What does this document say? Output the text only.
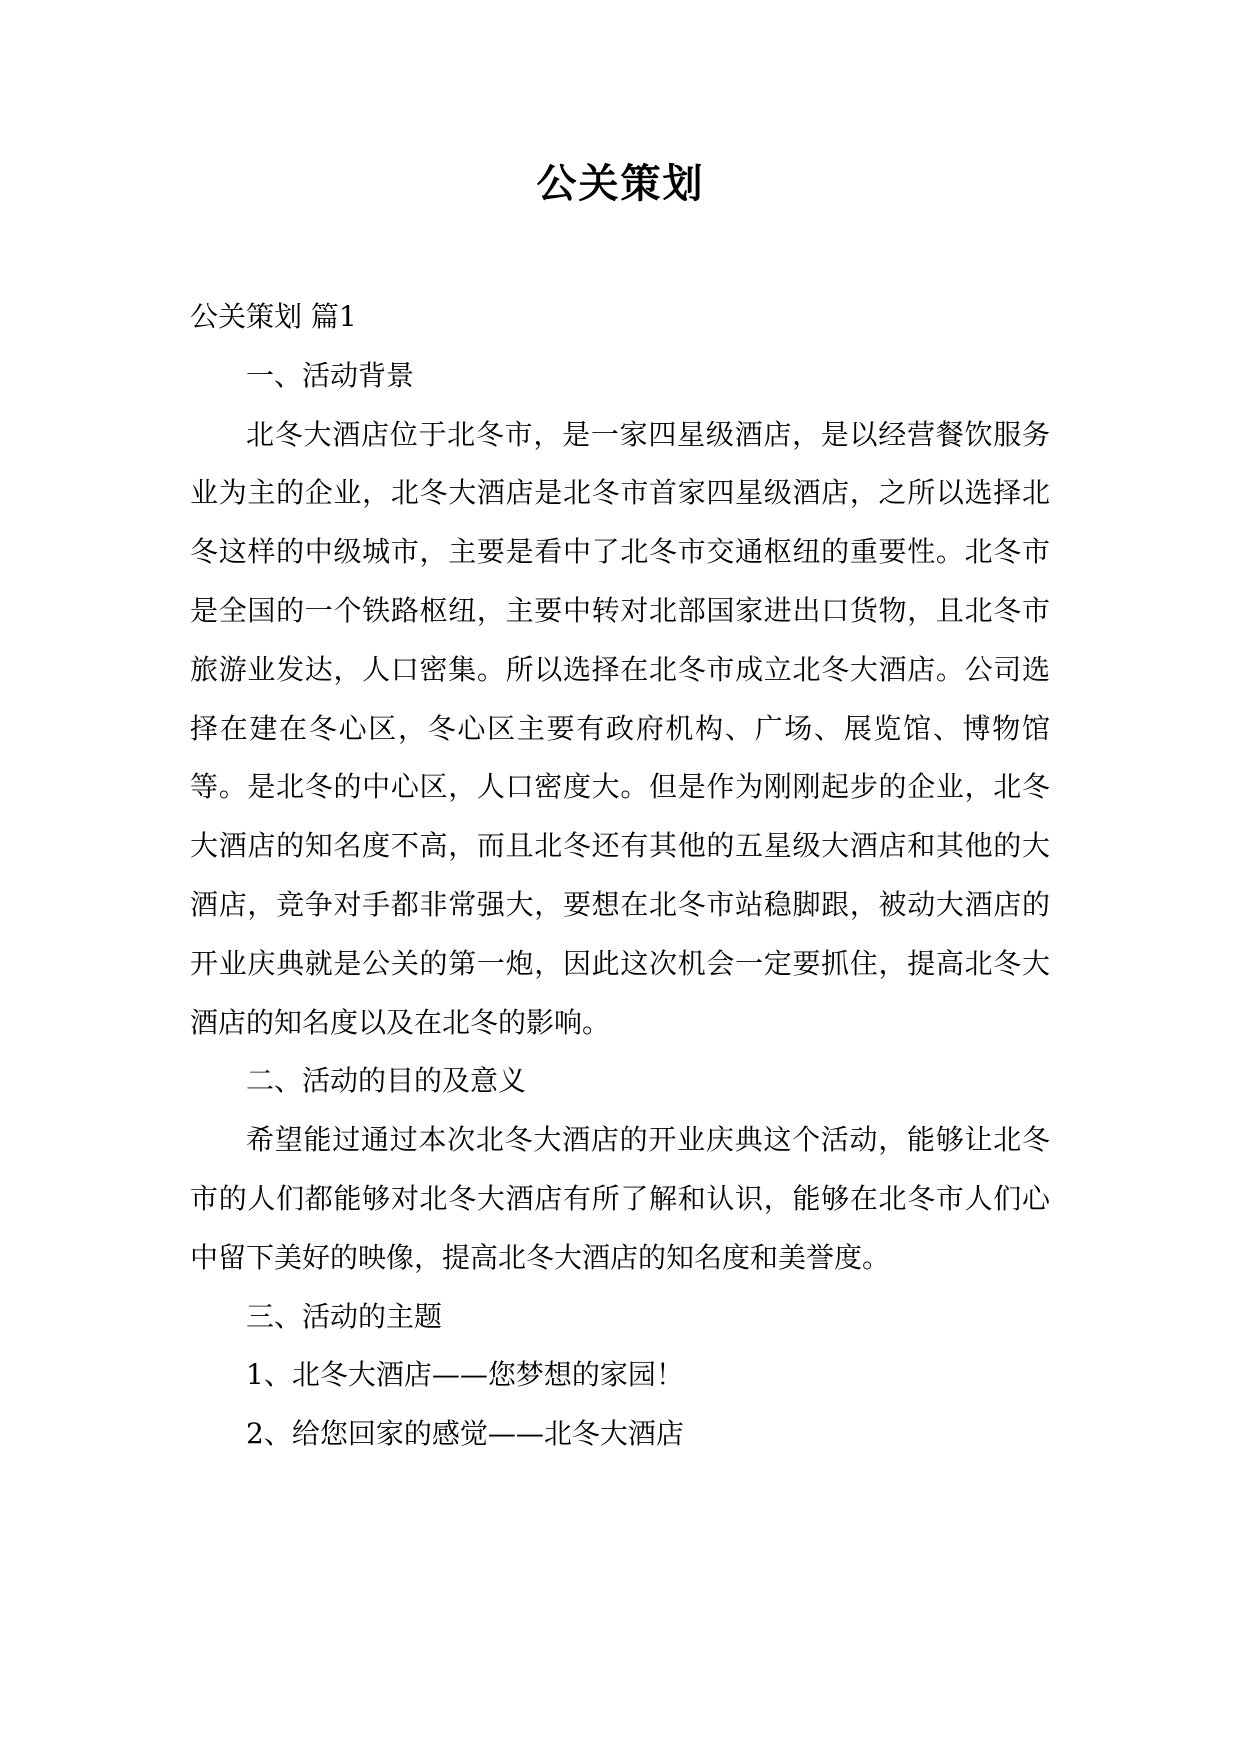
公关策划

公关策划 篇1

一、活动背景

北冬大酒店位于北冬市，是一家四星级酒店，是以经营餐饮服务业为主的企业，北冬大酒店是北冬市首家四星级酒店，之所以选择北冬这样的中级城市，主要是看中了北冬市交通枢纽的重要性。北冬市是全国的一个铁路枢纽，主要中转对北部国家进出口货物，且北冬市旅游业发达，人口密集。所以选择在北冬市成立北冬大酒店。公司选择在建在冬心区，冬心区主要有政府机构、广场、展览馆、博物馆等。是北冬的中心区，人口密度大。但是作为刚刚起步的企业，北冬大酒店的知名度不高，而且北冬还有其他的五星级大酒店和其他的大酒店，竞争对手都非常强大，要想在北冬市站稳脚跟，被动大酒店的开业庆典就是公关的第一炮，因此这次机会一定要抓住，提高北冬大酒店的知名度以及在北冬的影响。

二、活动的目的及意义

希望能过通过本次北冬大酒店的开业庆典这个活动，能够让北冬市的人们都能够对北冬大酒店有所了解和认识，能够在北冬市人们心中留下美好的映像，提高北冬大酒店的知名度和美誉度。

三、活动的主题

1、北冬大酒店——您梦想的家园！

2、给您回家的感觉——北冬大酒店
